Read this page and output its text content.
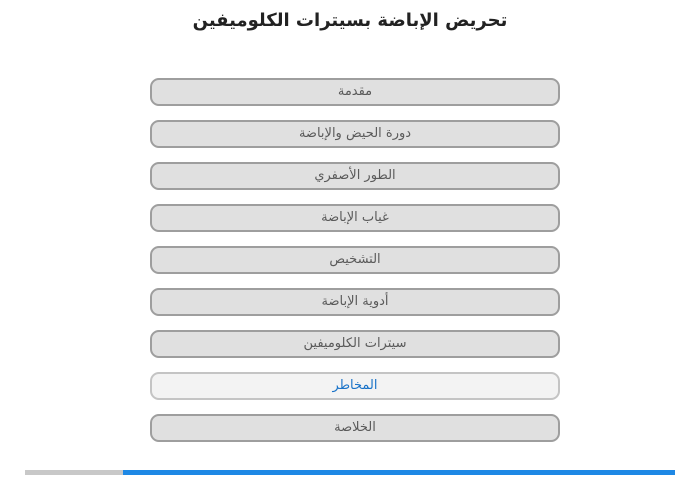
تحريض الإباضة بسيترات الكلوميفين
مقدمة
دورة الحيض والإباضة
الطور الأصفري
غياب الإباضة
التشخيص
أدوية الإباضة
سيترات الكلوميفين
المخاطر
الخلاصة
